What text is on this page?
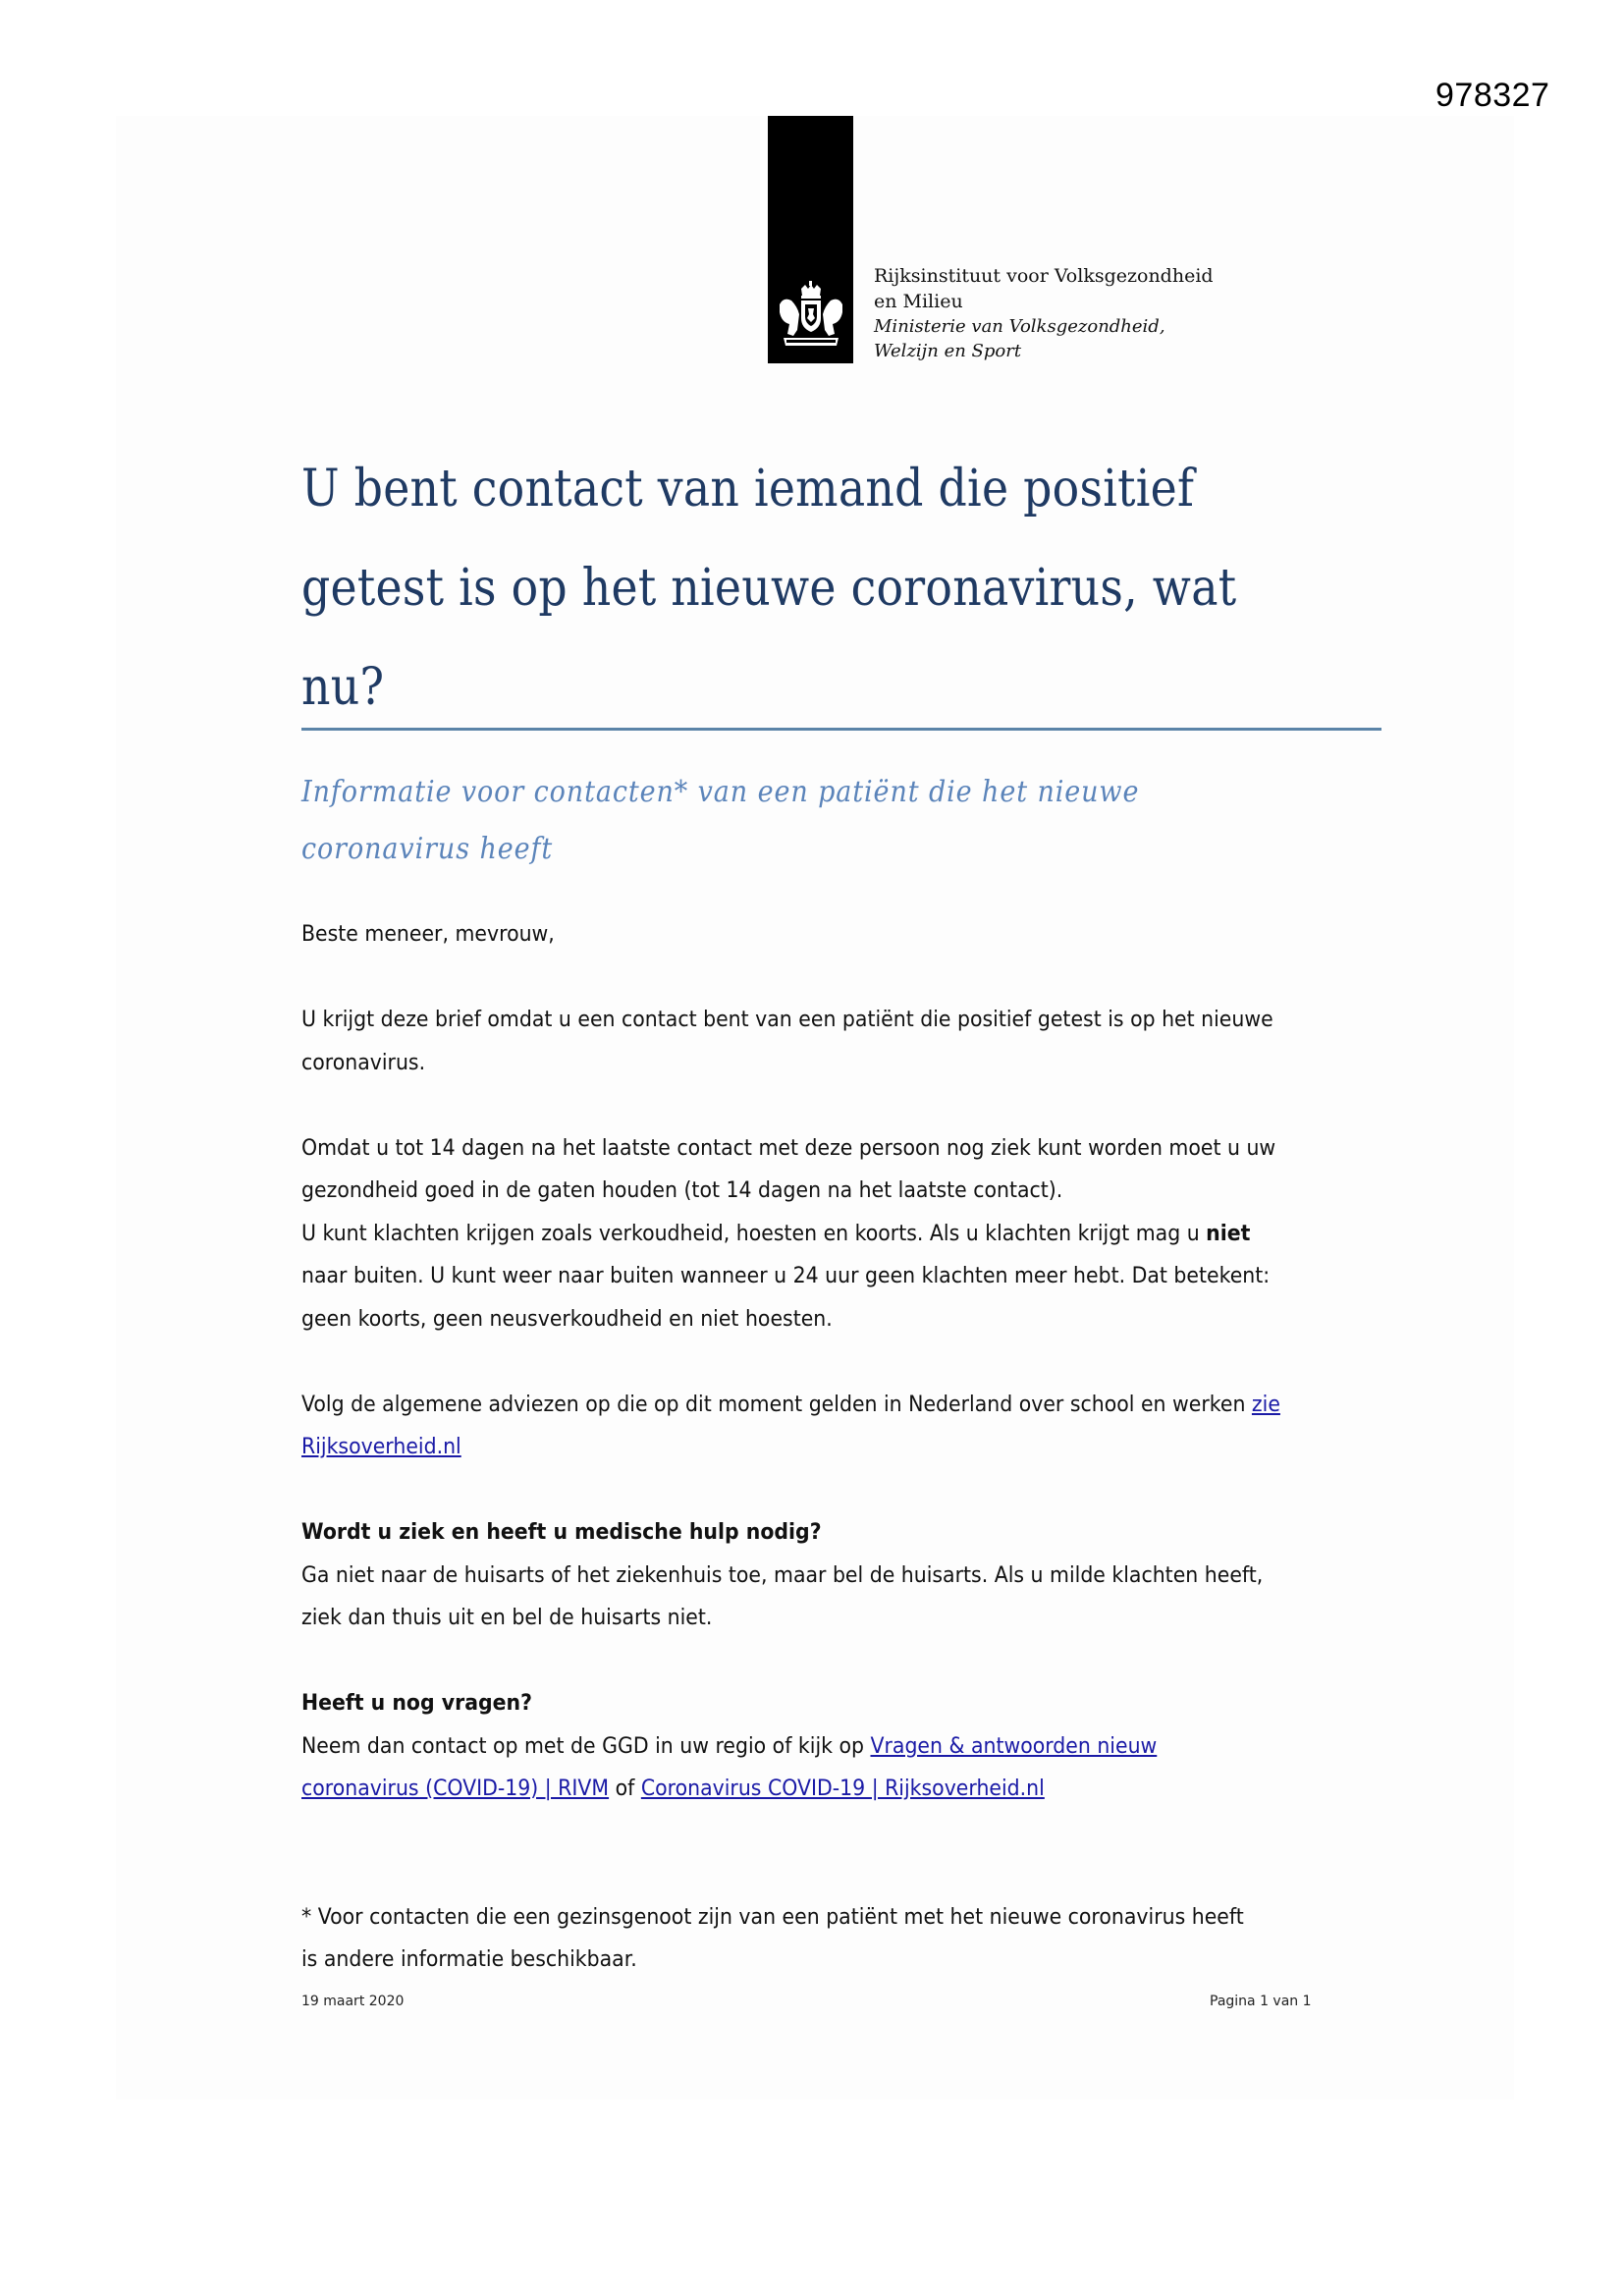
978327
Rijksinstituut voor Volksgezondheid
en Milieu
Ministerie van Volksgezondheid,
Welzijn en Sport
U bent contact van iemand die positief
getest is op het nieuwe coronavirus, wat
nu?
Informatie voor contacten* van een patiënt die het nieuwe
coronavirus heeft

Beste meneer, mevrouw,

U krijgt deze brief omdat u een contact bent van een patiënt die positief getest is op het nieuwe
coronavirus.

Omdat u tot 14 dagen na het laatste contact met deze persoon nog ziek kunt worden moet u uw
gezondheid goed in de gaten houden (tot 14 dagen na het laatste contact).
U kunt klachten krijgen zoals verkoudheid, hoesten en koorts. Als u klachten krijgt mag u niet
naar buiten. U kunt weer naar buiten wanneer u 24 uur geen klachten meer hebt. Dat betekent:
geen koorts, geen neusverkoudheid en niet hoesten.

Volg de algemene adviezen op die op dit moment gelden in Nederland over school en werken zie
Rijksoverheid.nl

Wordt u ziek en heeft u medische hulp nodig?

Ga niet naar de huisarts of het ziekenhuis toe, maar bel de huisarts. Als u milde klachten heeft,
ziek dan thuis uit en bel de huisarts niet.

Heeft u nog vragen?

Neem dan contact op met de GGD in uw regio of kijk op Vragen & antwoorden nieuw
coronavirus (COVID-19) | RIVM of Coronavirus COVID-19 | Rijksoverheid.nl

* Voor contacten die een gezinsgenoot zijn van een patiënt met het nieuwe coronavirus heeft
is andere informatie beschikbaar.

19 maart 2020	Pagina 1 van 1
